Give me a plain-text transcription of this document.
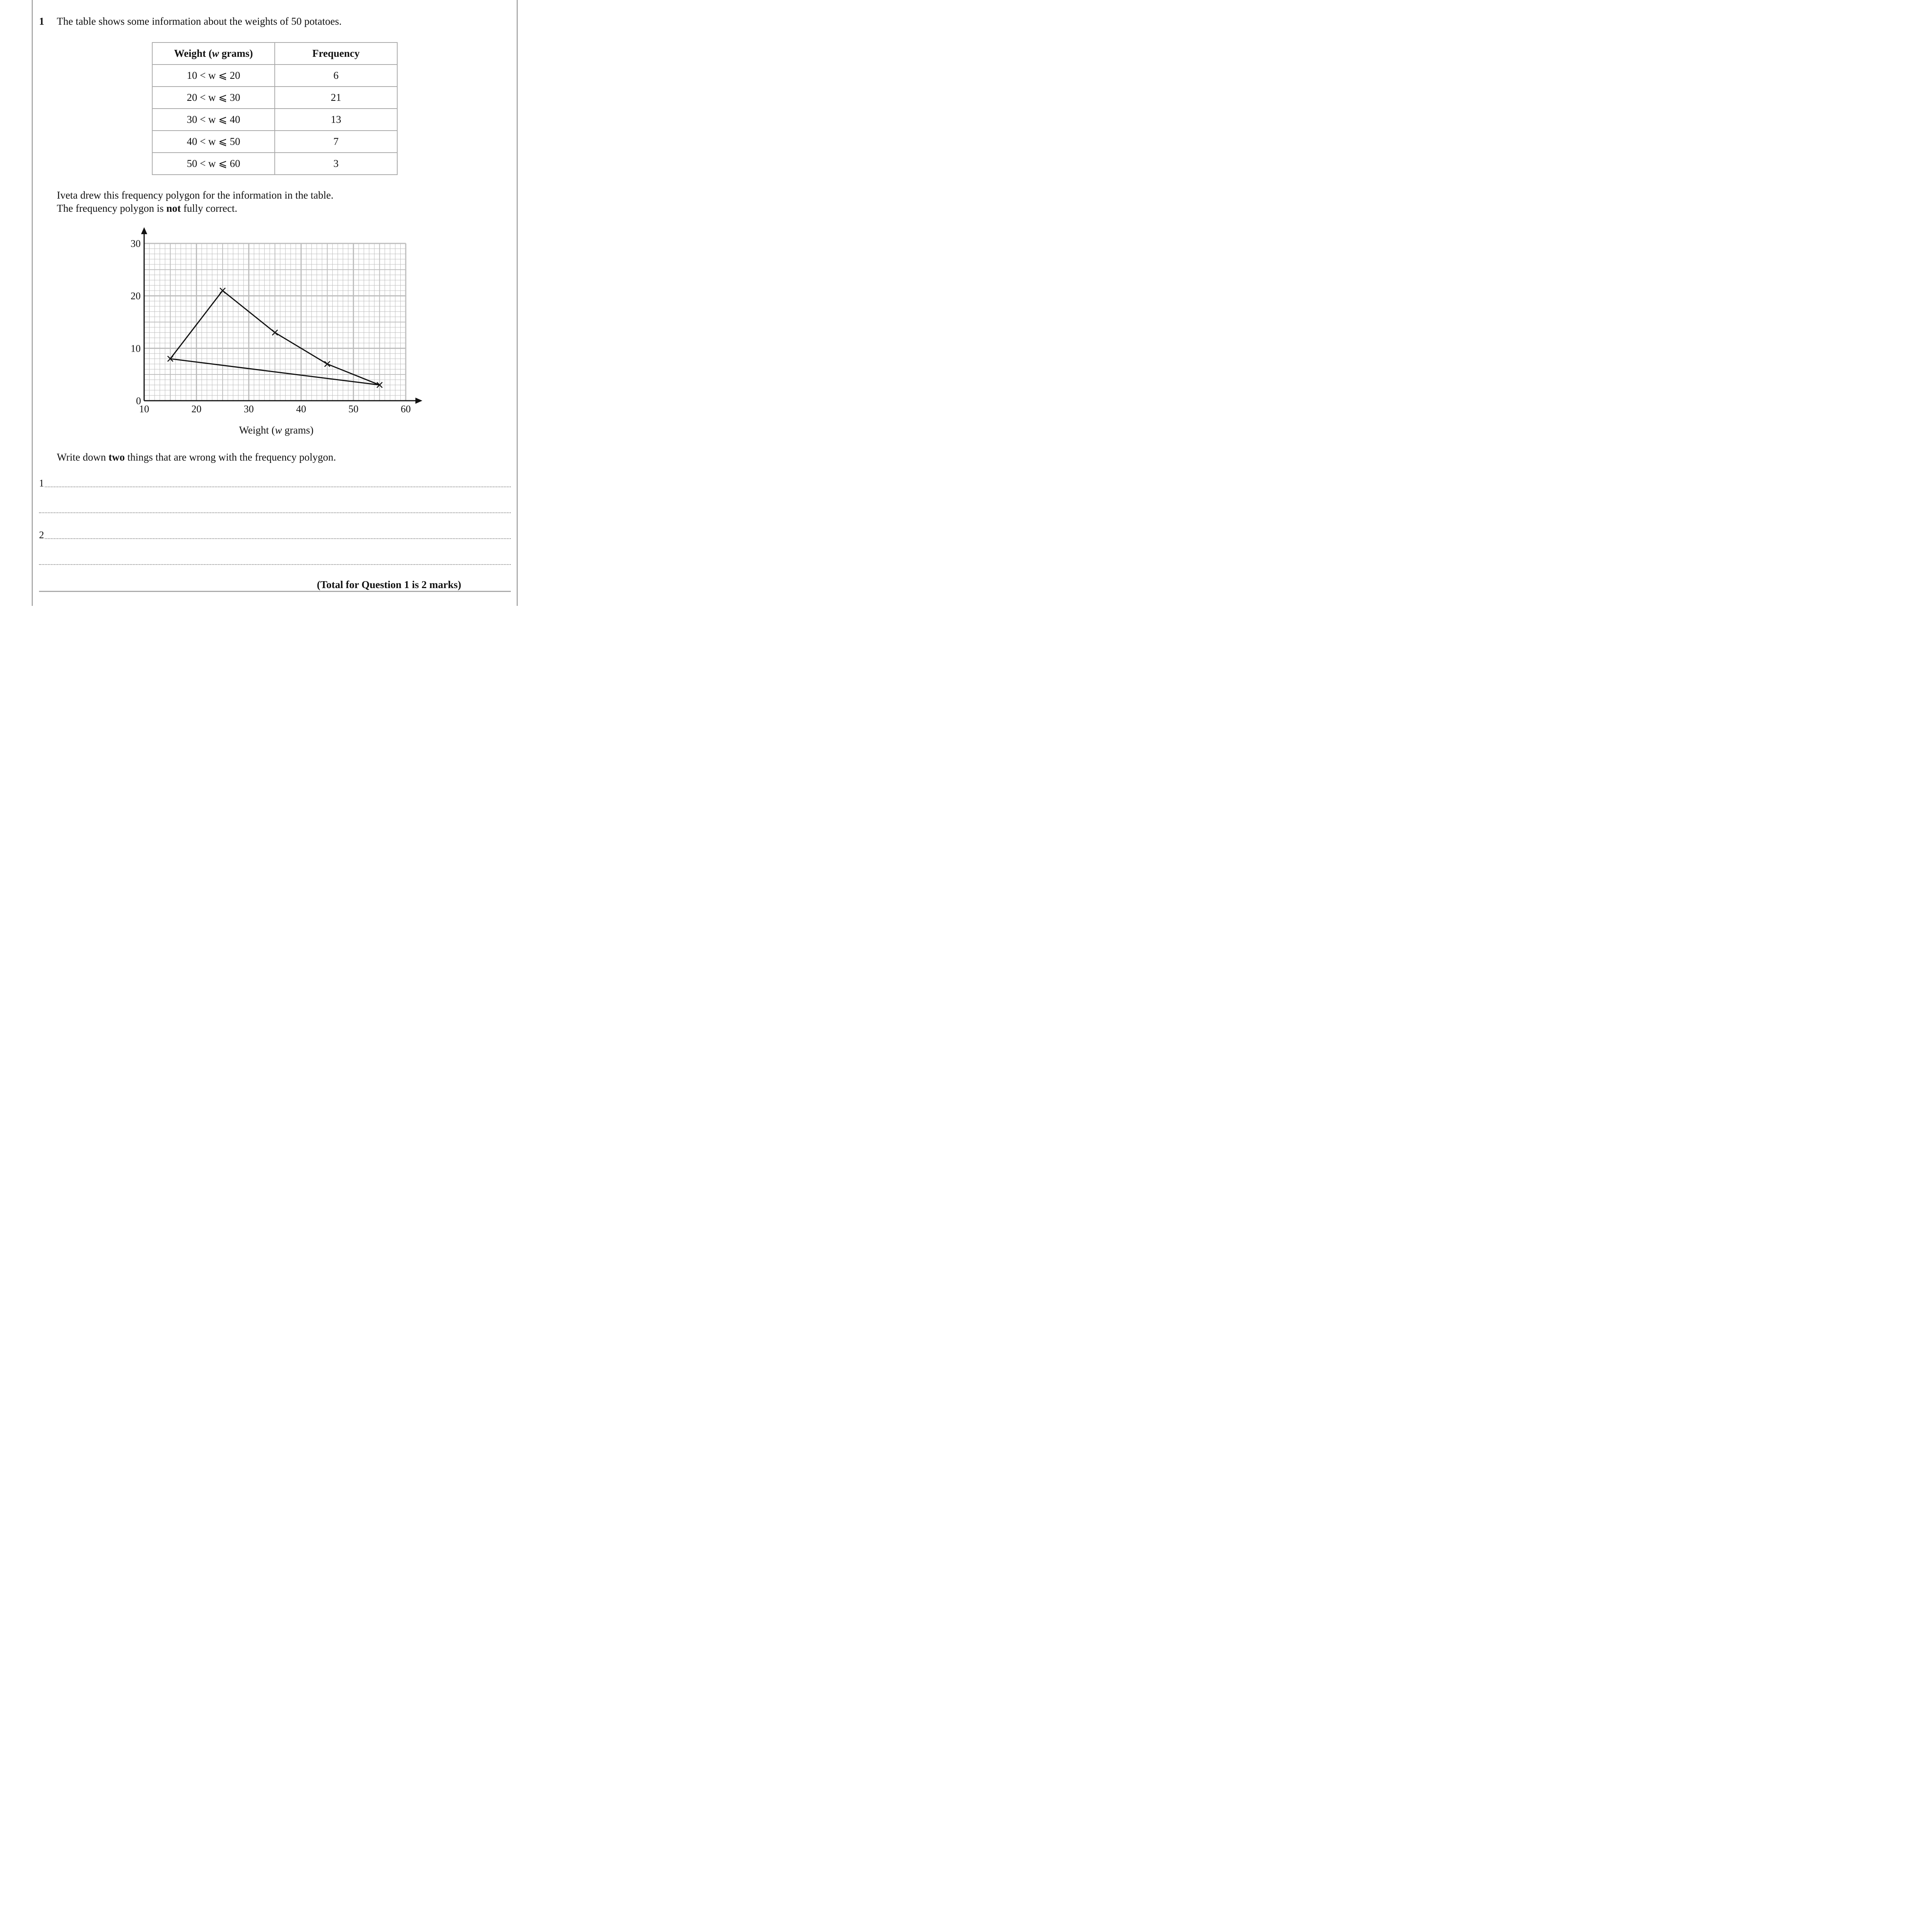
1 The table shows some information about the weights of 50 potatoes.
Weight (w grams)	Frequency
10 < w ⩽ 20	6
20 < w ⩽ 30	21
30 < w ⩽ 40	13
40 < w ⩽ 50	7
50 < w ⩽ 60	3
Iveta drew this frequency polygon for the information in the table.
The frequency polygon is not fully correct.
10	20	30	40	50	60
0
10
20
30
Weight (w grams)
Write down two things that are wrong with the frequency polygon.
1
2
(Total for Question 1 is 2 marks)
